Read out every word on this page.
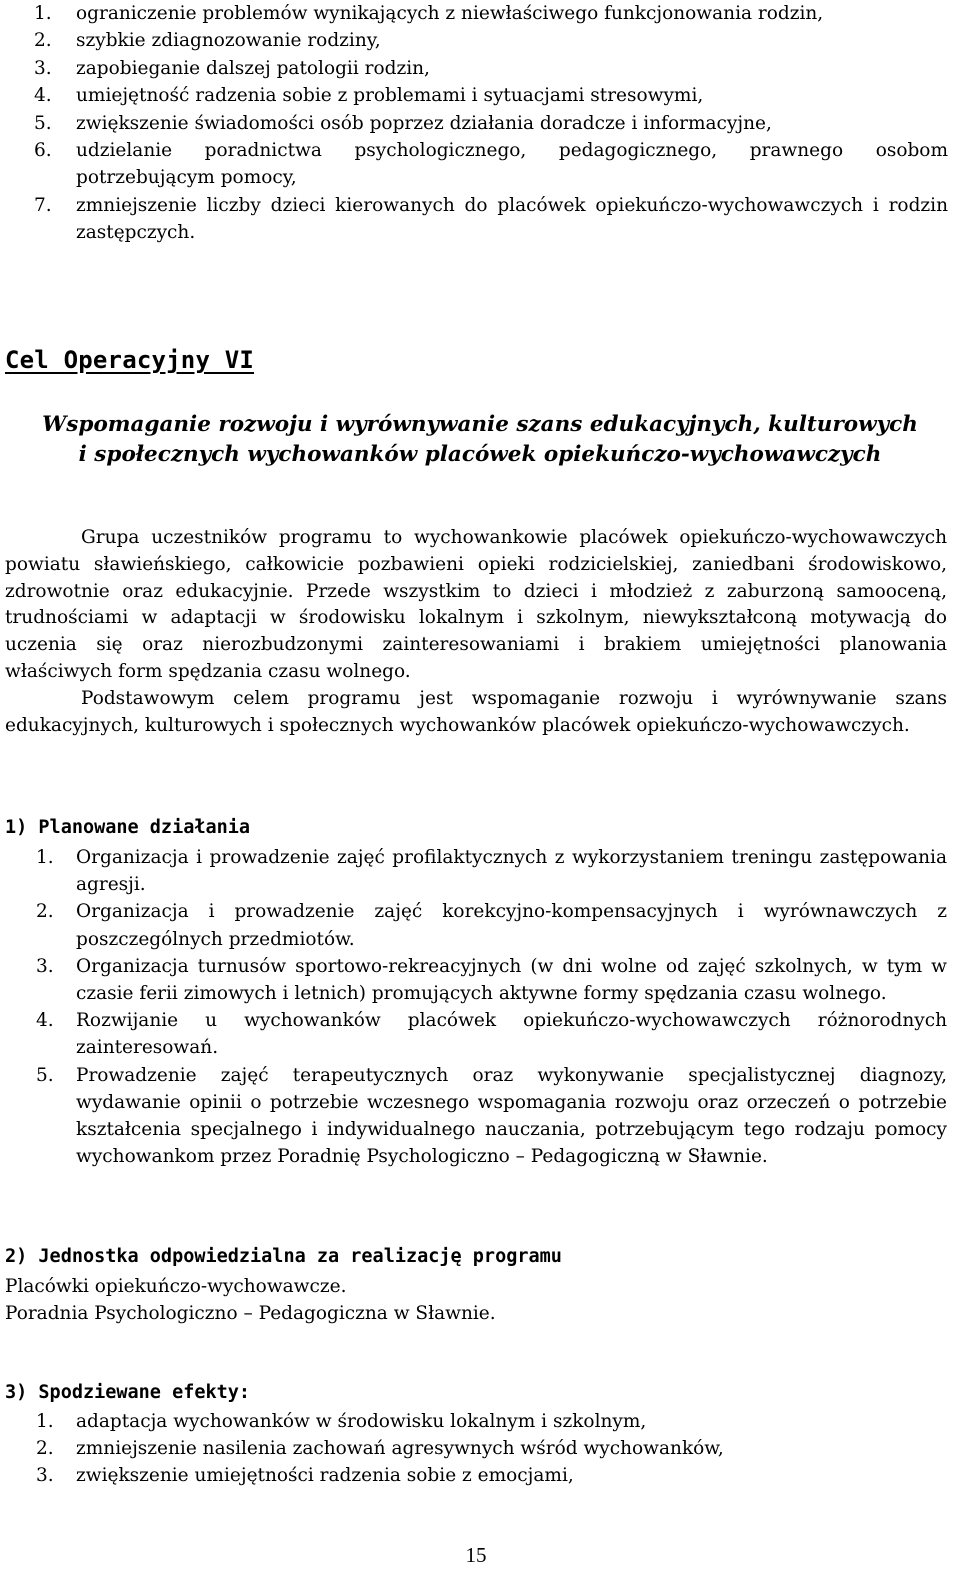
1.	ograniczenie problemów wynikających z niewłaściwego funkcjonowania rodzin,
2.	szybkie zdiagnozowanie rodziny,
3.	zapobieganie dalszej patologii rodzin,
4.	umiejętność radzenia sobie z problemami i sytuacjami stresowymi,
5.	zwiększenie świadomości osób poprzez działania doradcze i informacyjne,
6.	udzielanie poradnictwa psychologicznego, pedagogicznego, prawnego osobom potrzebującym pomocy,
7.	zmniejszenie liczby dzieci kierowanych do placówek opiekuńczo-wychowawczych i rodzin zastępczych.
Cel Operacyjny VI
Wspomaganie rozwoju i wyrównywanie szans edukacyjnych, kulturowych i społecznych wychowanków placówek opiekuńczo-wychowawczych

Grupa uczestników programu to wychowankowie placówek opiekuńczo-wychowawczych powiatu sławieńskiego, całkowicie pozbawieni opieki rodzicielskiej, zaniedbani środowiskowo, zdrowotnie oraz edukacyjnie. Przede wszystkim to dzieci i młodzież z zaburzoną samooceną, trudnościami w adaptacji w środowisku lokalnym i szkolnym, niewykształconą motywacją do uczenia się oraz nierozbudzonymi zainteresowaniami i brakiem umiejętności planowania właściwych form spędzania czasu wolnego.

Podstawowym celem programu jest wspomaganie rozwoju i wyrównywanie szans edukacyjnych, kulturowych i społecznych wychowanków placówek opiekuńczo-wychowawczych.

1) Planowane działania
1.	Organizacja i prowadzenie zajęć profilaktycznych z wykorzystaniem treningu zastępowania agresji.
2.	Organizacja i prowadzenie zajęć korekcyjno-kompensacyjnych i wyrównawczych z poszczególnych przedmiotów.
3.	Organizacja turnusów sportowo-rekreacyjnych (w dni wolne od zajęć szkolnych, w tym w czasie ferii zimowych i letnich) promujących aktywne formy spędzania czasu wolnego.
4.	Rozwijanie u wychowanków placówek opiekuńczo-wychowawczych różnorodnych zainteresowań.
5.	Prowadzenie zajęć terapeutycznych oraz wykonywanie specjalistycznej diagnozy, wydawanie opinii o potrzebie wczesnego wspomagania rozwoju oraz orzeczeń o potrzebie kształcenia specjalnego i indywidualnego nauczania, potrzebującym tego rodzaju pomocy wychowankom przez Poradnię Psychologiczno – Pedagogiczną w Sławnie.
2) Jednostka odpowiedzialna za realizację programu
Placówki opiekuńczo-wychowawcze.
Poradnia Psychologiczno – Pedagogiczna w Sławnie.
3) Spodziewane efekty:
1.	adaptacja wychowanków w środowisku lokalnym i szkolnym,
2.	zmniejszenie nasilenia zachowań agresywnych wśród wychowanków,
3.	zwiększenie umiejętności radzenia sobie z emocjami,
15
